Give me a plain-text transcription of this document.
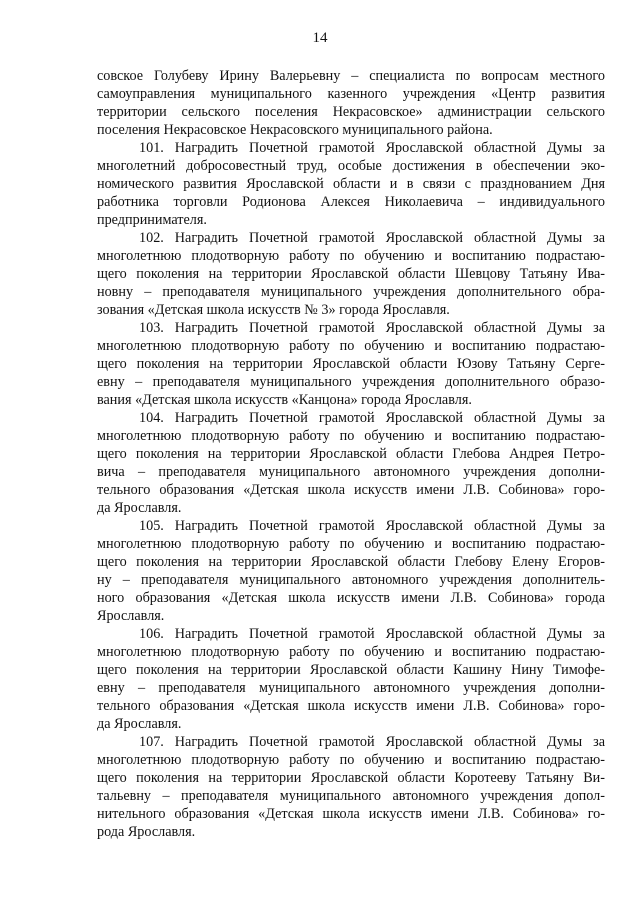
14
совское Голубеву Ирину Валерьевну – специалиста по вопросам местного
самоуправления муниципального казенного учреждения «Центр развития
территории сельского поселения Некрасовское» администрации сельского
поселения Некрасовское Некрасовского муниципального района.
101. Наградить Почетной грамотой Ярославской областной Думы за
многолетний добросовестный труд, особые достижения в обеспечении эко-
номического развития Ярославской области и в связи с празднованием Дня
работника торговли Родионова Алексея Николаевича – индивидуального
предпринимателя.
102. Наградить Почетной грамотой Ярославской областной Думы за
многолетнюю плодотворную работу по обучению и воспитанию подрастаю-
щего поколения на территории Ярославской области Шевцову Татьяну Ива-
новну – преподавателя муниципального учреждения дополнительного обра-
зования «Детская школа искусств № 3» города Ярославля.
103. Наградить Почетной грамотой Ярославской областной Думы за
многолетнюю плодотворную работу по обучению и воспитанию подрастаю-
щего поколения на территории Ярославской области Юзову Татьяну Серге-
евну – преподавателя муниципального учреждения дополнительного образо-
вания «Детская школа искусств «Канцона» города Ярославля.
104. Наградить Почетной грамотой Ярославской областной Думы за
многолетнюю плодотворную работу по обучению и воспитанию подрастаю-
щего поколения на территории Ярославской области Глебова Андрея Петро-
вича – преподавателя муниципального автономного учреждения дополни-
тельного образования «Детская школа искусств имени Л.В. Собинова» горо-
да Ярославля.
105. Наградить Почетной грамотой Ярославской областной Думы за
многолетнюю плодотворную работу по обучению и воспитанию подрастаю-
щего поколения на территории Ярославской области Глебову Елену Егоров-
ну – преподавателя муниципального автономного учреждения дополнитель-
ного образования «Детская школа искусств имени Л.В. Собинова» города
Ярославля.
106. Наградить Почетной грамотой Ярославской областной Думы за
многолетнюю плодотворную работу по обучению и воспитанию подрастаю-
щего поколения на территории Ярославской области Кашину Нину Тимофе-
евну – преподавателя муниципального автономного учреждения дополни-
тельного образования «Детская школа искусств имени Л.В. Собинова» горо-
да Ярославля.
107. Наградить Почетной грамотой Ярославской областной Думы за
многолетнюю плодотворную работу по обучению и воспитанию подрастаю-
щего поколения на территории Ярославской области Коротееву Татьяну Ви-
тальевну – преподавателя муниципального автономного учреждения допол-
нительного образования «Детская школа искусств имени Л.В. Собинова» го-
рода Ярославля.
